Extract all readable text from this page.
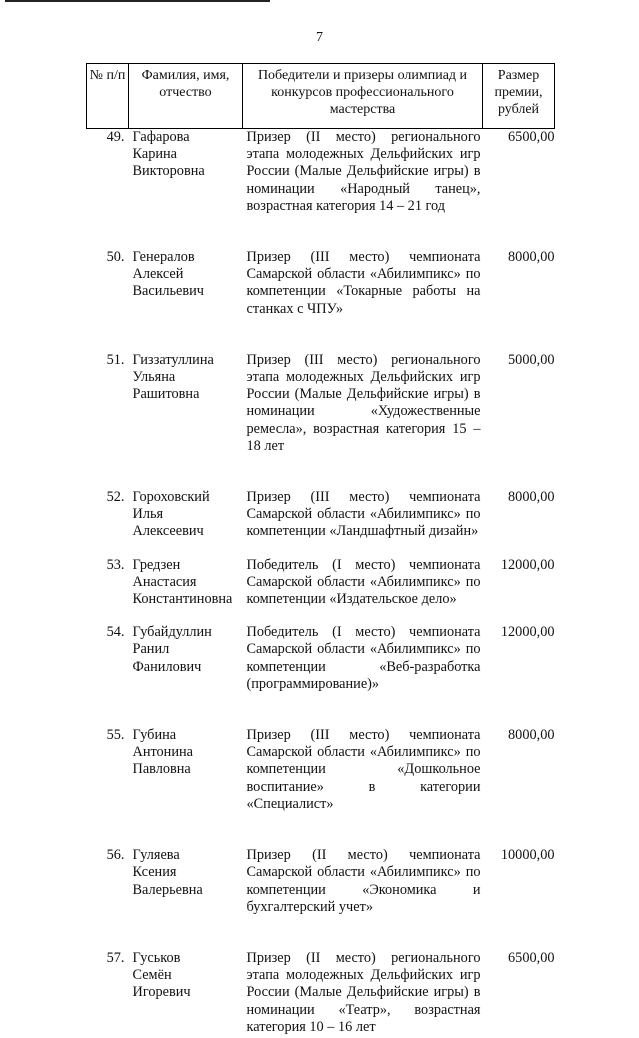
7
№ п/п	Фамилия, имя, отчество	Победители и призеры олимпиад и конкурсов профессионального мастерства	Размер премии, рублей
49.	Гафарова
Карина
Викторовна	Призер (II место) регионального этапа молодежных Дельфийских игр России (Малые Дельфийские игры) в номинации «Народный танец», возрастная категория 14 – 21 год	6500,00
50.	Генералов
Алексей
Васильевич	Призер (III место) чемпионата Самарской области «Абилимпикс» по компетенции «Токарные работы на станках с ЧПУ»	8000,00
51.	Гиззатуллина
Ульяна
Рашитовна	Призер (III место) регионального этапа молодежных Дельфийских игр России (Малые Дельфийские игры) в номинации «Художественные ремесла», возрастная категория 15 – 18 лет	5000,00
52.	Гороховский
Илья
Алексеевич	Призер (III место) чемпионата Самарской области «Абилимпикс» по компетенции «Ландшафтный дизайн»	8000,00
53.	Гредзен
Анастасия
Константиновна	Победитель (I место) чемпионата Самарской области «Абилимпикс» по компетенции «Издательское дело»	12000,00
54.	Губайдуллин
Ранил
Фанилович	Победитель (I место) чемпионата Самарской области «Абилимпикс» по компетенции «Веб-разработка (программирование)»	12000,00
55.	Губина
Антонина
Павловна	Призер (III место) чемпионата Самарской области «Абилимпикс» по компетенции «Дошкольное воспитание» в категории «Специалист»	8000,00
56.	Гуляева
Ксения
Валерьевна	Призер (II место) чемпионата Самарской области «Абилимпикс» по компетенции «Экономика и бухгалтерский учет»	10000,00
57.	Гуськов
Семён
Игоревич	Призер (II место) регионального этапа молодежных Дельфийских игр России (Малые Дельфийские игры) в номинации «Театр», возрастная категория 10 – 16 лет	6500,00
